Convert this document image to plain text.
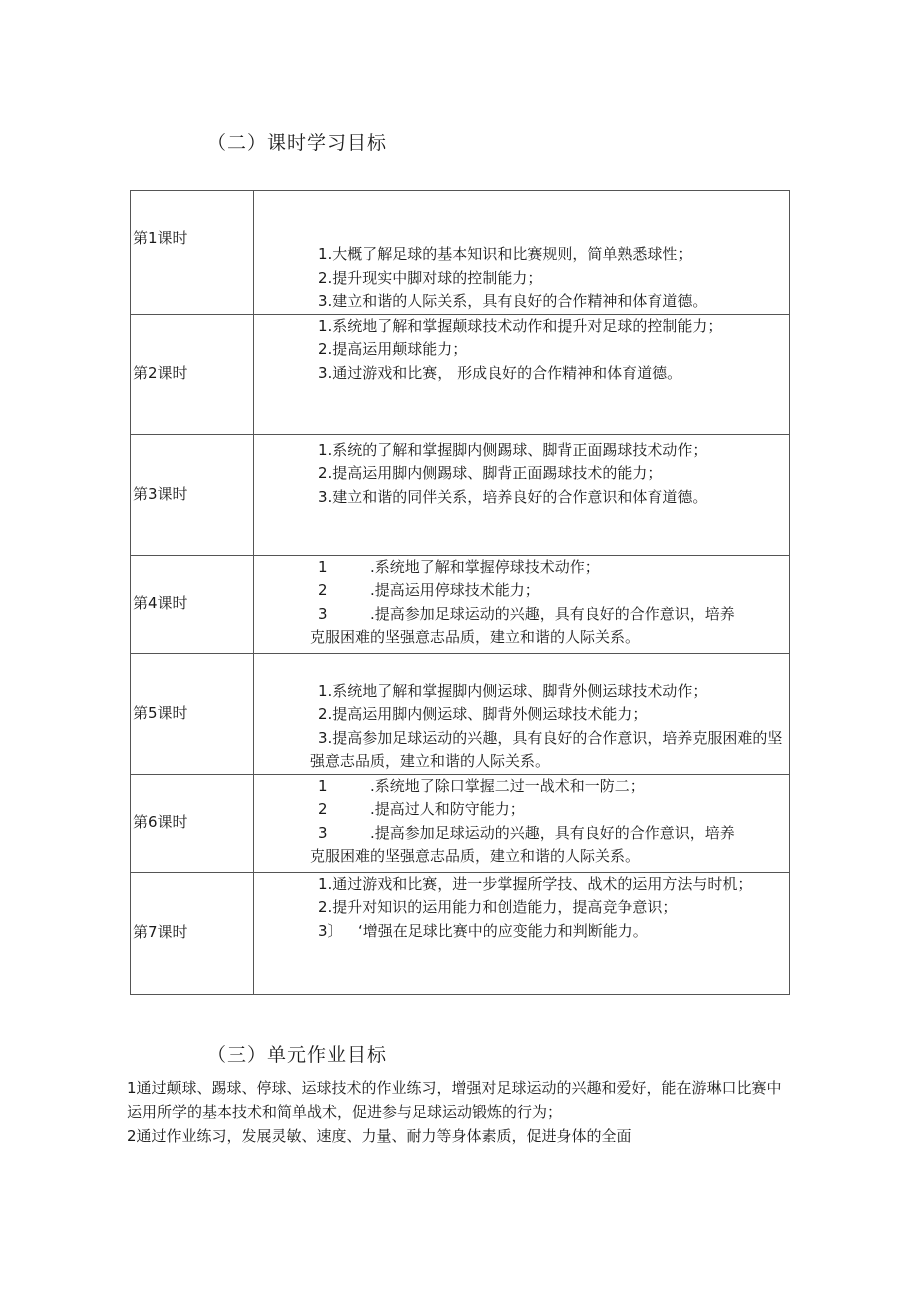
（二）课时学习目标
第1课时	1.大概了解足球的基本知识和比赛规则，简单熟悉球性；
2.提升现实中脚对球的控制能力；
3.建立和谐的人际关系，具有良好的合作精神和体育道德。

第2课时	1.系统地了解和掌握颠球技术动作和提升对足球的控制能力；
2.提高运用颠球能力；
3.通过游戏和比赛， 形成良好的合作精神和体育道德。

第3课时	1.系统的了解和掌握脚内侧踢球、脚背正面踢球技术动作；
2.提高运用脚内侧踢球、脚背正面踢球技术的能力；
3.建立和谐的同伴关系，培养良好的合作意识和体育道德。

第4课时	1 .系统地了解和掌握停球技术动作；
2 .提高运用停球技术能力；
3 .提高参加足球运动的兴趣，具有良好的合作意识，培养
克服困难的坚强意志品质，建立和谐的人际关系。

第5课时	1.系统地了解和掌握脚内侧运球、脚背外侧运球技术动作；
2.提高运用脚内侧运球、脚背外侧运球技术能力；
3.提高参加足球运动的兴趣，具有良好的合作意识，培养克服困难的坚强意志品质，建立和谐的人际关系。

第6课时	1 .系统地了除口掌握二过一战术和一防二；
2 .提高过人和防守能力；
3 .提高参加足球运动的兴趣，具有良好的合作意识，培养
克服困难的坚强意志品质，建立和谐的人际关系。

第7课时	1.通过游戏和比赛，进一步掌握所学技、战术的运用方法与时机；
2.提升对知识的运用能力和创造能力，提高竞争意识；
3〕 ‘增强在足球比赛中的应变能力和判断能力。
（三）单元作业目标
1通过颠球、踢球、停球、运球技术的作业练习，增强对足球运动的兴趣和爱好，能在游琳口比赛中运用所学的基本技术和简单战术，促进参与足球运动锻炼的行为；
2通过作业练习，发展灵敏、速度、力量、耐力等身体素质，促进身体的全面
